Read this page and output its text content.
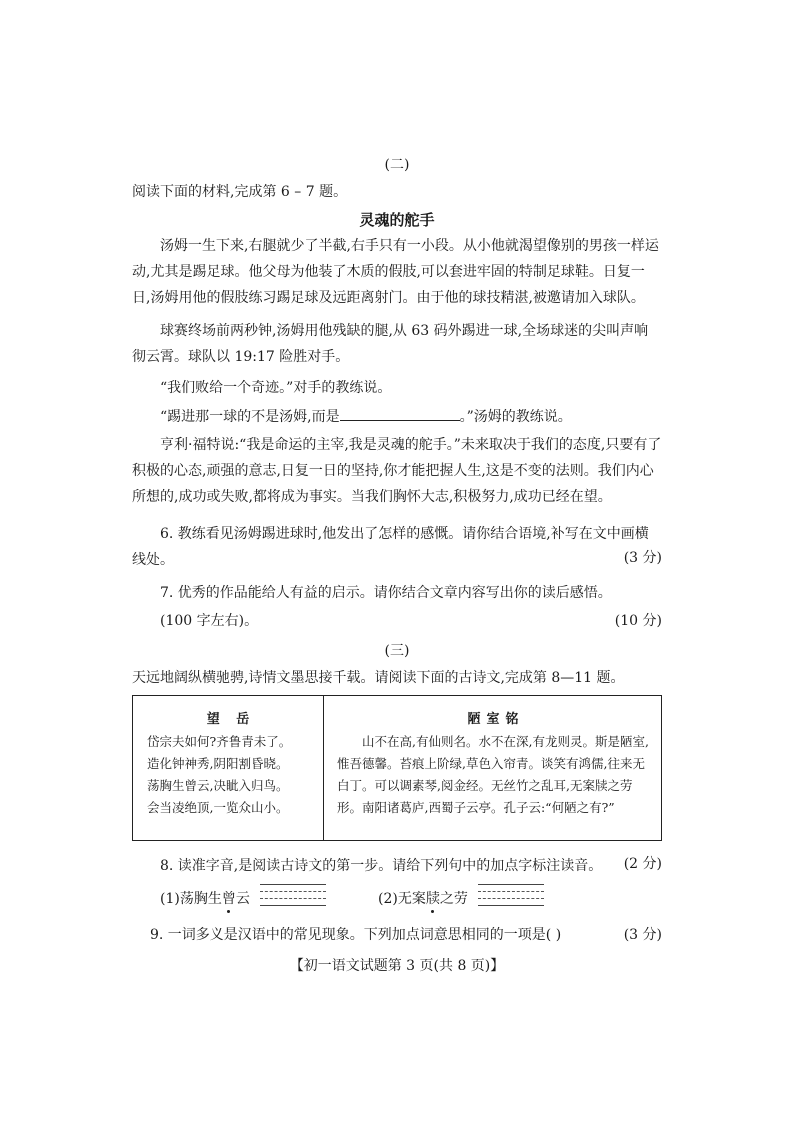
(二)
阅读下面的材料,完成第 6 – 7 题。
灵魂的舵手
汤姆一生下来,右腿就少了半截,右手只有一小段。从小他就渴望像别的男孩一样运动,尤其是踢足球。他父母为他装了木质的假肢,可以套进牢固的特制足球鞋。日复一日,汤姆用他的假肢练习踢足球及远距离射门。由于他的球技精湛,被邀请加入球队。
球赛终场前两秒钟,汤姆用他残缺的腿,从 63 码外踢进一球,全场球迷的尖叫声响彻云霄。球队以 19:17 险胜对手。
“我们败给一个奇迹。”对手的教练说。
“踢进那一球的不是汤姆,而是	。”汤姆的教练说。
亨利·福特说:“我是命运的主宰,我是灵魂的舵手。”未来取决于我们的态度,只要有了积极的心态,顽强的意志,日复一日的坚持,你才能把握人生,这是不变的法则。我们内心所想的,成功或失败,都将成为事实。当我们胸怀大志,积极努力,成功已经在望。
6. 教练看见汤姆踢进球时,他发出了怎样的感慨。请你结合语境,补写在文中画横线处。	(3 分)
7. 优秀的作品能给人有益的启示。请你结合文章内容写出你的读后感悟。
(100 字左右)。	(10 分)
(三)
天远地阔纵横驰骋,诗情文墨思接千载。请阅读下面的古诗文,完成第 8—11 题。
望 岳
岱宗夫如何?齐鲁青未了。
造化钟神秀,阴阳割昏晓。
荡胸生曾云,决眦入归鸟。
会当凌绝顶,一览众山小。
陋室铭
山不在高,有仙则名。水不在深,有龙则灵。斯是陋室,惟吾德馨。苔痕上阶绿,草色入帘青。谈笑有鸿儒,往来无白丁。可以调素琴,阅金经。无丝竹之乱耳,无案牍之劳形。南阳诸葛庐,西蜀子云亭。孔子云:“何陋之有?”
8. 读准字音,是阅读古诗文的第一步。请给下列句中的加点字标注读音。	(2 分)
(1)荡胸生曾云	(2)无案牍之劳
9. 一词多义是汉语中的常见现象。下列加点词意思相同的一项是( )	(3 分)
【初一语文试题第 3 页(共 8 页)】
